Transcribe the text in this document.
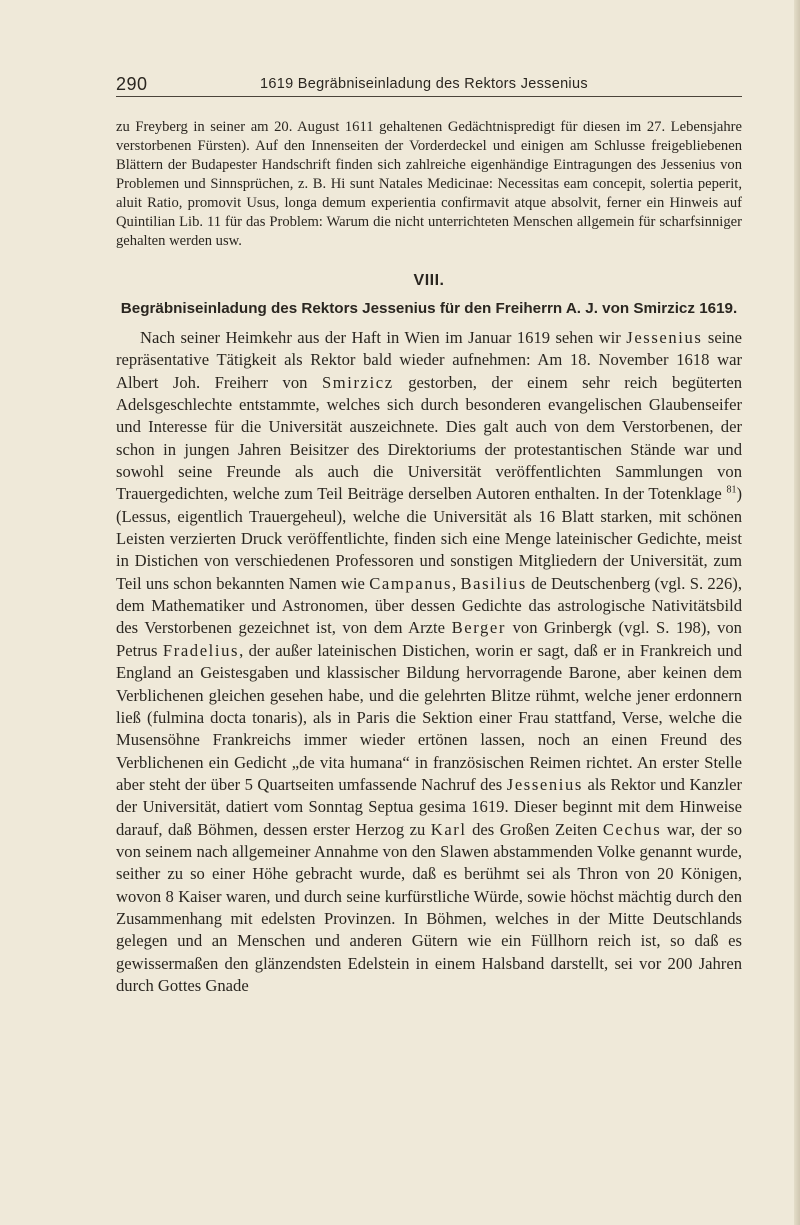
290	1619 Begräbniseinladung des Rektors Jessenius

zu Freyberg in seiner am 20. August 1611 gehaltenen Gedächtnispredigt für diesen im 27. Lebensjahre verstorbenen Fürsten). Auf den Innenseiten der Vorderdeckel und einigen am Schlusse freigebliebenen Blättern der Budapester Handschrift finden sich zahlreiche eigenhändige Eintragungen des Jessenius von Problemen und Sinnsprüchen, z. B. Hi sunt Natales Medicinae: Necessitas eam concepit, solertia peperit, aluit Ratio, promovit Usus, longa demum experientia confirmavit atque absolvit, ferner ein Hinweis auf Quintilian Lib. 11 für das Problem: Warum die nicht unterrichteten Menschen allgemein für scharfsinniger gehalten werden usw.

VIII.
Begräbniseinladung des Rektors Jessenius für den Freiherrn A. J. von Smirzicz 1619.

Nach seiner Heimkehr aus der Haft in Wien im Januar 1619 sehen wir Jessenius seine repräsentative Tätigkeit als Rektor bald wieder aufnehmen: Am 18. November 1618 war Albert Joh. Freiherr von Smirzicz gestorben, der einem sehr reich begüterten Adelsgeschlechte entstammte, welches sich durch besonderen evangelischen Glaubenseifer und Interesse für die Universität auszeichnete. Dies galt auch von dem Verstorbenen, der schon in jungen Jahren Beisitzer des Direktoriums der protestantischen Stände war und sowohl seine Freunde als auch die Universität veröffentlichten Sammlungen von Trauergedichten, welche zum Teil Beiträge derselben Autoren enthalten. In der Totenklage $^{81}$) (Lessus, eigentlich Trauergeheul), welche die Universität als 16 Blatt starken, mit schönen Leisten verzierten Druck veröffentlichte, finden sich eine Menge lateinischer Gedichte, meist in Distichen von verschiedenen Professoren und sonstigen Mitgliedern der Universität, zum Teil uns schon bekannten Namen wie Campanus, Basilius de Deutschenberg (vgl. S. 226), dem Mathematiker und Astronomen, über dessen Gedichte das astrologische Nativitätsbild des Verstorbenen gezeichnet ist, von dem Arzte Berger von Grinbergk (vgl. S. 198), von Petrus Fradelius, der außer lateinischen Distichen, worin er sagt, daß er in Frankreich und England an Geistesgaben und klassischer Bildung hervorragende Barone, aber keinen dem Verblichenen gleichen gesehen habe, und die gelehrten Blitze rühmt, welche jener erdonnern ließ (fulmina docta tonaris), als in Paris die Sektion einer Frau stattfand, Verse, welche die Musensöhne Frankreichs immer wieder ertönen lassen, noch an einen Freund des Verblichenen ein Gedicht „de vita humana“ in französischen Reimen richtet. An erster Stelle aber steht der über 5 Quartseiten umfassende Nachruf des Jessenius als Rektor und Kanzler der Universität, datiert vom Sonntag Septua gesima 1619. Dieser beginnt mit dem Hinweise darauf, daß Böhmen, dessen erster Herzog zu Karl des Großen Zeiten Cechus war, der so von seinem nach allgemeiner Annahme von den Slawen abstammenden Volke genannt wurde, seither zu so einer Höhe gebracht wurde, daß es berühmt sei als Thron von 20 Königen, wovon 8 Kaiser waren, und durch seine kurfürstliche Würde, sowie höchst mächtig durch den Zusammenhang mit edelsten Provinzen. In Böhmen, welches in der Mitte Deutschlands gelegen und an Menschen und anderen Gütern wie ein Füllhorn reich ist, so daß es gewissermaßen den glänzendsten Edelstein in einem Halsband darstellt, sei vor 200 Jahren durch Gottes Gnade
